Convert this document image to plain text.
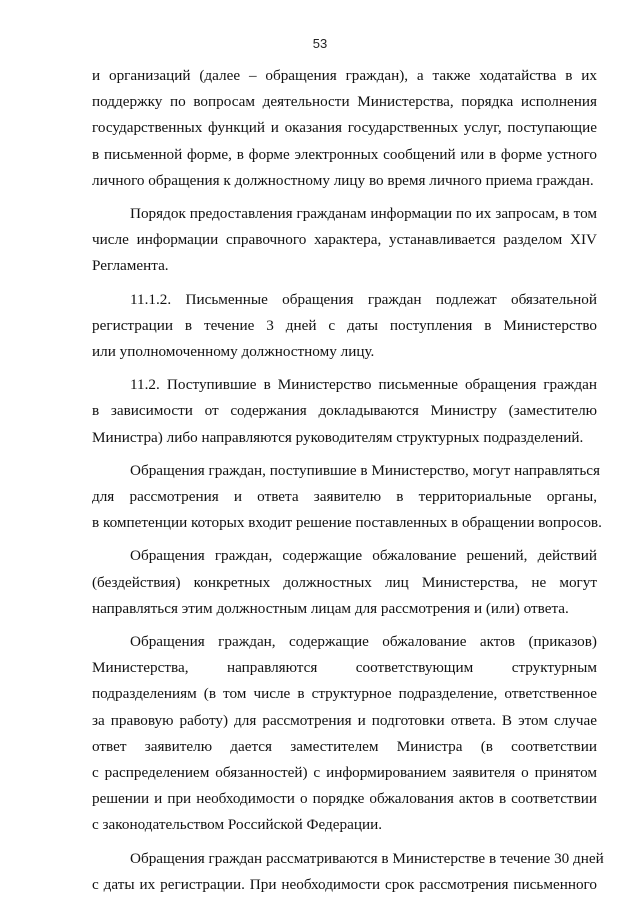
53

и организаций (далее – обращения граждан), а также ходатайства в их
поддержку по вопросам деятельности Министерства, порядка исполнения
государственных функций и оказания государственных услуг, поступающие
в письменной форме, в форме электронных сообщений или в форме устного
личного обращения к должностному лицу во время личного приема граждан.

Порядок предоставления гражданам информации по их запросам, в том
числе информации справочного характера, устанавливается разделом XIV
Регламента.

11.1.2. Письменные обращения граждан подлежат обязательной
регистрации в течение 3 дней с даты поступления в Министерство
или уполномоченному должностному лицу.

11.2. Поступившие в Министерство письменные обращения граждан
в зависимости от содержания докладываются Министру (заместителю
Министра) либо направляются руководителям структурных подразделений.

Обращения граждан, поступившие в Министерство, могут направляться
для рассмотрения и ответа заявителю в территориальные органы,
в компетенции которых входит решение поставленных в обращении вопросов.

Обращения граждан, содержащие обжалование решений, действий
(бездействия) конкретных должностных лиц Министерства, не могут
направляться этим должностным лицам для рассмотрения и (или) ответа.

Обращения граждан, содержащие обжалование актов (приказов)
Министерства, направляются соответствующим структурным
подразделениям (в том числе в структурное подразделение, ответственное
за правовую работу) для рассмотрения и подготовки ответа. В этом случае
ответ заявителю дается заместителем Министра (в соответствии
с распределением обязанностей) с информированием заявителя о принятом
решении и при необходимости о порядке обжалования актов в соответствии
с законодательством Российской Федерации.

Обращения граждан рассматриваются в Министерстве в течение 30 дней
с даты их регистрации. При необходимости срок рассмотрения письменного
